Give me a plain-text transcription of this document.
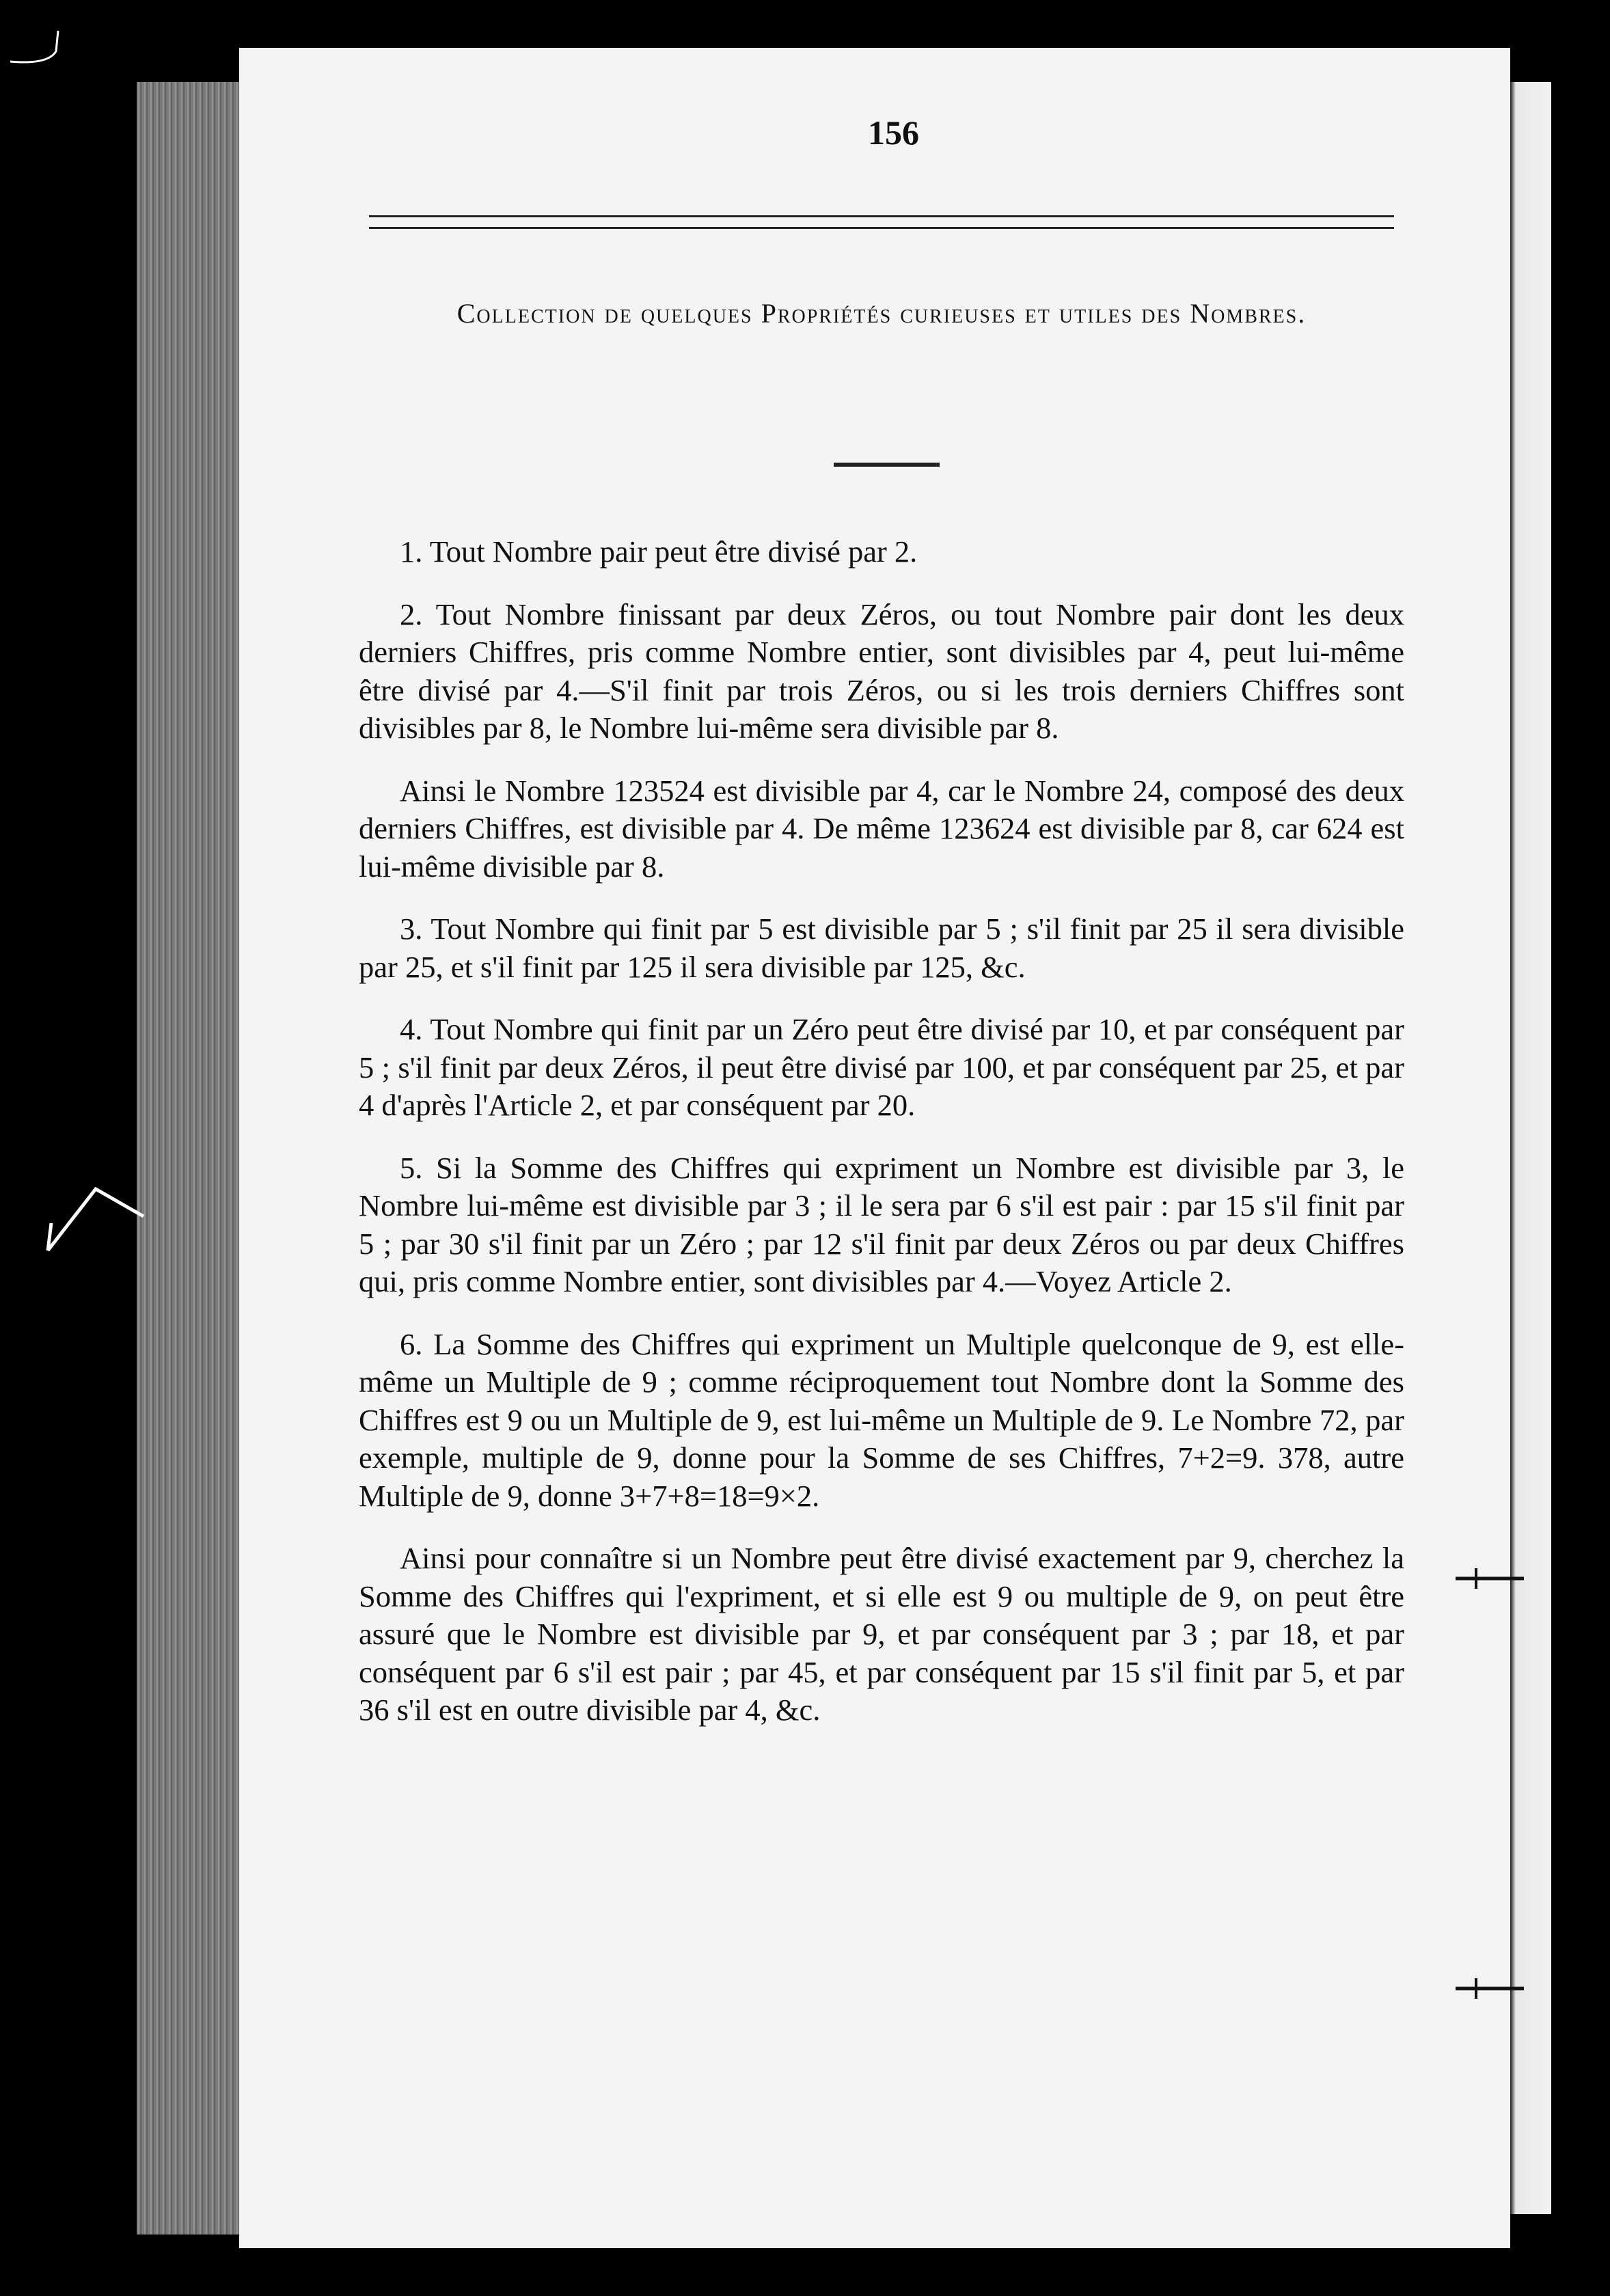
156
Collection de quelques Propriétés curieuses et utiles des Nombres.

1. Tout Nombre pair peut être divisé par 2.

2. Tout Nombre finissant par deux Zéros, ou tout Nombre pair dont les deux derniers Chiffres, pris comme Nombre entier, sont divisibles par 4, peut lui-même être divisé par 4.—S'il finit par trois Zéros, ou si les trois derniers Chiffres sont divisibles par 8, le Nombre lui-même sera divisible par 8.

Ainsi le Nombre 123524 est divisible par 4, car le Nombre 24, composé des deux derniers Chiffres, est divisible par 4. De même 123624 est divisible par 8, car 624 est lui-même divisible par 8.

3. Tout Nombre qui finit par 5 est divisible par 5 ; s'il finit par 25 il sera divisible par 25, et s'il finit par 125 il sera divisible par 125, &c.

4. Tout Nombre qui finit par un Zéro peut être divisé par 10, et par conséquent par 5 ; s'il finit par deux Zéros, il peut être divisé par 100, et par conséquent par 25, et par 4 d'après l'Article 2, et par conséquent par 20.

5. Si la Somme des Chiffres qui expriment un Nombre est divisible par 3, le Nombre lui-même est divisible par 3 ; il le sera par 6 s'il est pair : par 15 s'il finit par 5 ; par 30 s'il finit par un Zéro ; par 12 s'il finit par deux Zéros ou par deux Chiffres qui, pris comme Nombre entier, sont divisibles par 4.—Voyez Article 2.

6. La Somme des Chiffres qui expriment un Multiple quelconque de 9, est elle-même un Multiple de 9 ; comme réciproquement tout Nombre dont la Somme des Chiffres est 9 ou un Multiple de 9, est lui-même un Multiple de 9. Le Nombre 72, par exemple, multiple de 9, donne pour la Somme de ses Chiffres, 7+2=9. 378, autre Multiple de 9, donne 3+7+8=18=9×2.

Ainsi pour connaître si un Nombre peut être divisé exactement par 9, cherchez la Somme des Chiffres qui l'expriment, et si elle est 9 ou multiple de 9, on peut être assuré que le Nombre est divisible par 9, et par conséquent par 3 ; par 18, et par conséquent par 6 s'il est pair ; par 45, et par conséquent par 15 s'il finit par 5, et par 36 s'il est en outre divisible par 4, &c.
